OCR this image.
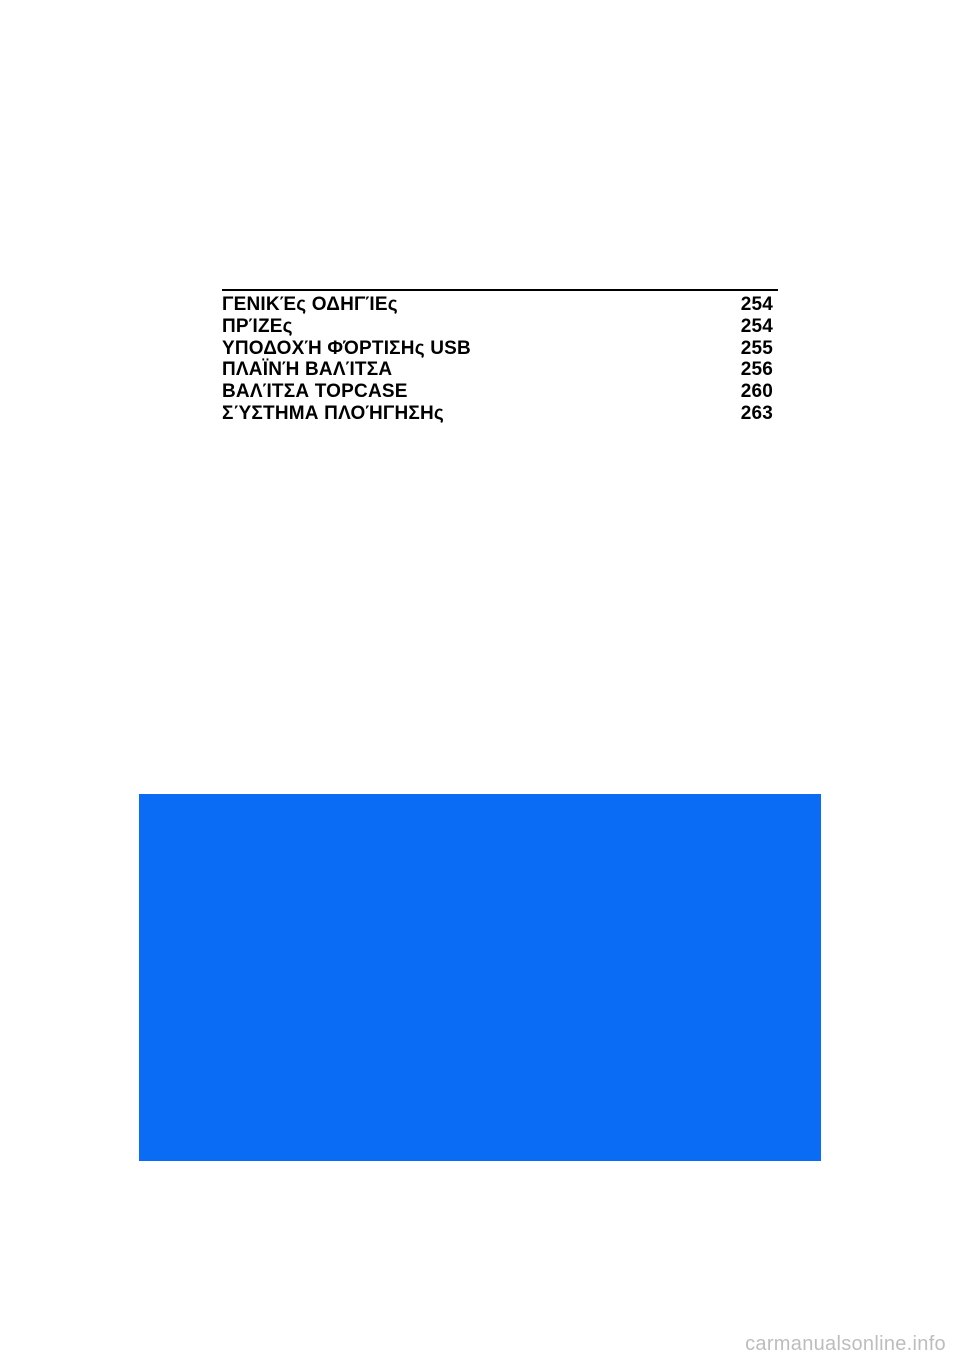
ΓΕΝΙΚΈς ΟΔΗΓΊΕς	254
ΠΡΊΖΕς	254
ΥΠΟΔΟΧΉ ΦΌΡΤΙΣΗς USB	255
ΠΛΑΪΝΉ ΒΑΛΊΤΣΑ	256
ΒΑΛΊΤΣΑ TOPCASE	260
ΣΎΣΤΗΜΑ ΠΛΟΉΓΗΣΗς	263
carmanualsonline.info
